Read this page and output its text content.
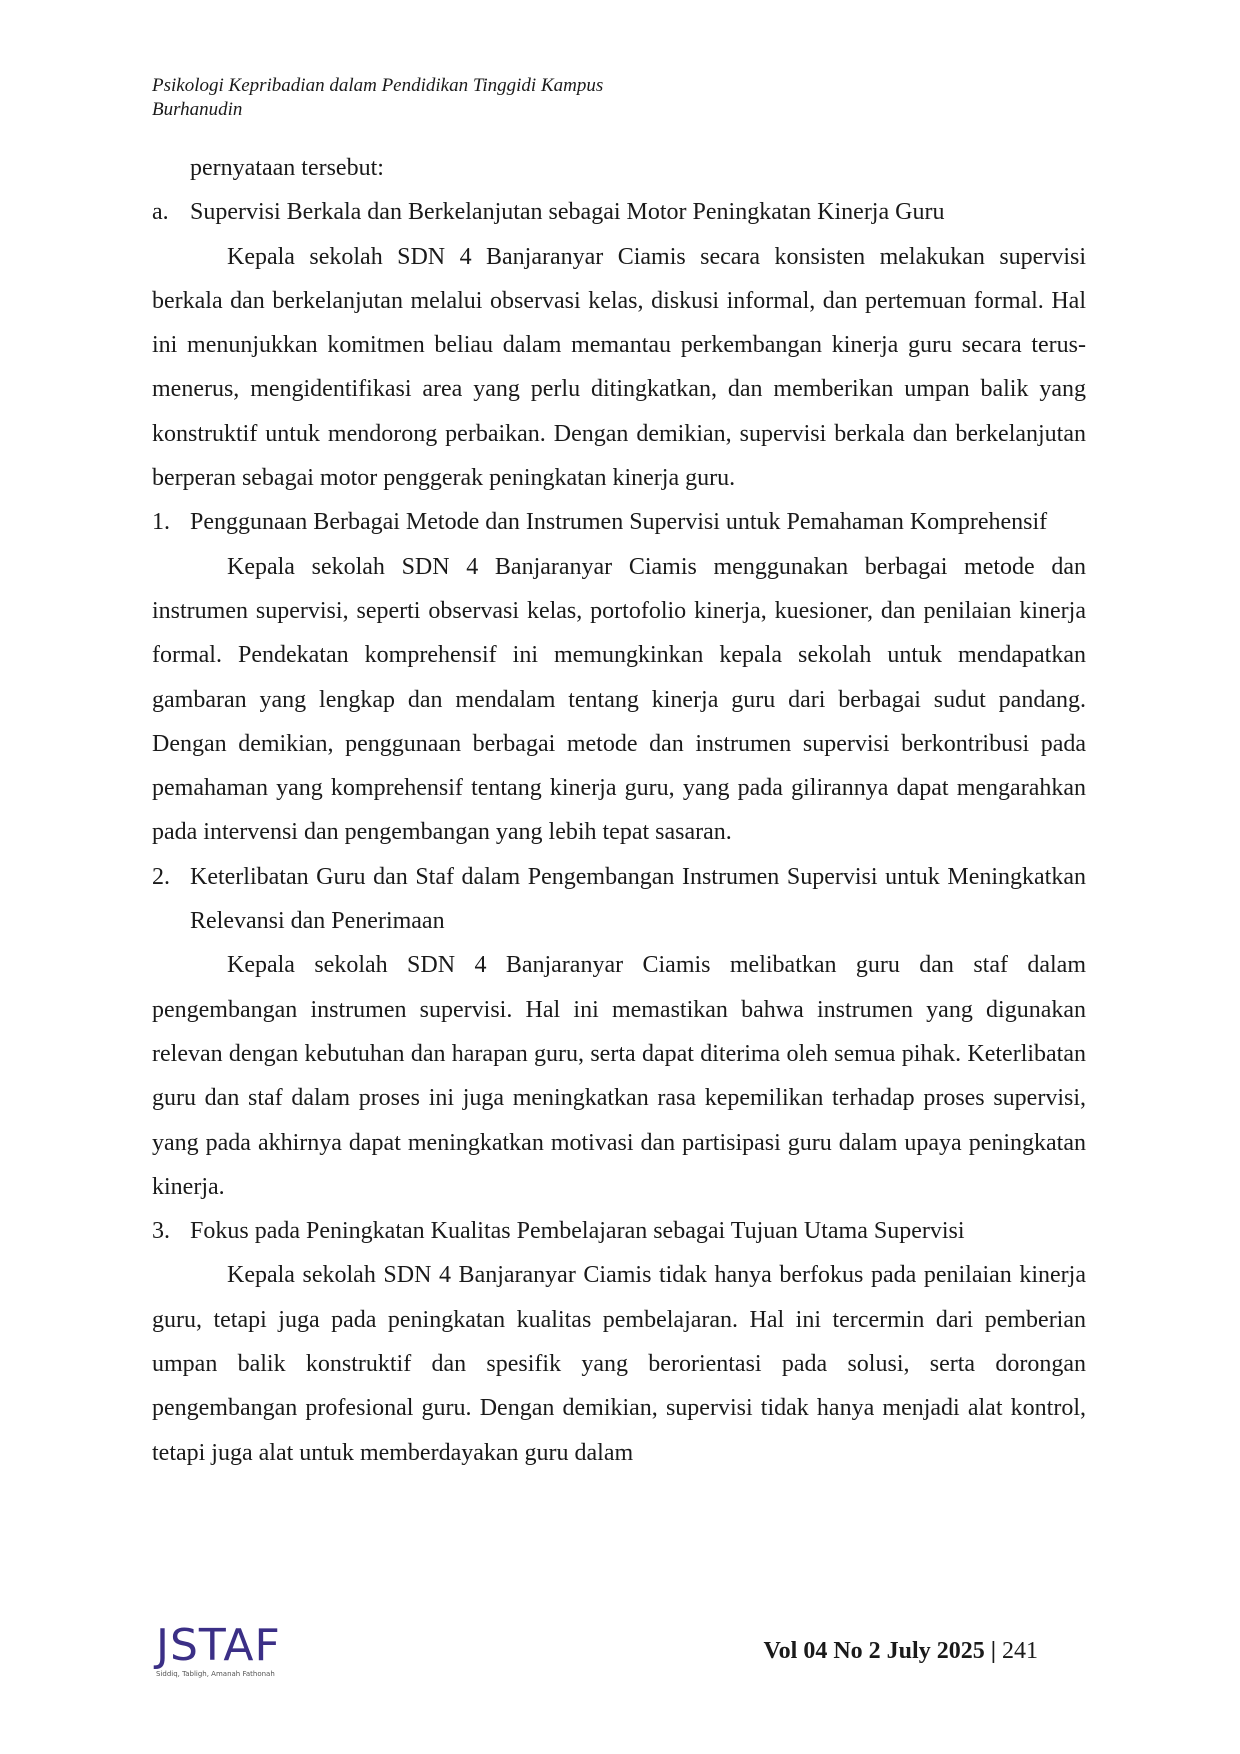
Psikologi Kepribadian dalam Pendidikan Tinggidi Kampus
Burhanudin

pernyataan tersebut:

a. Supervisi Berkala dan Berkelanjutan sebagai Motor Peningkatan Kinerja Guru

Kepala sekolah SDN 4 Banjaranyar Ciamis secara konsisten melakukan supervisi berkala dan berkelanjutan melalui observasi kelas, diskusi informal, dan pertemuan formal. Hal ini menunjukkan komitmen beliau dalam memantau perkembangan kinerja guru secara terus-menerus, mengidentifikasi area yang perlu ditingkatkan, dan memberikan umpan balik yang konstruktif untuk mendorong perbaikan. Dengan demikian, supervisi berkala dan berkelanjutan berperan sebagai motor penggerak peningkatan kinerja guru.

1. Penggunaan Berbagai Metode dan Instrumen Supervisi untuk Pemahaman Komprehensif

Kepala sekolah SDN 4 Banjaranyar Ciamis menggunakan berbagai metode dan instrumen supervisi, seperti observasi kelas, portofolio kinerja, kuesioner, dan penilaian kinerja formal. Pendekatan komprehensif ini memungkinkan kepala sekolah untuk mendapatkan gambaran yang lengkap dan mendalam tentang kinerja guru dari berbagai sudut pandang. Dengan demikian, penggunaan berbagai metode dan instrumen supervisi berkontribusi pada pemahaman yang komprehensif tentang kinerja guru, yang pada gilirannya dapat mengarahkan pada intervensi dan pengembangan yang lebih tepat sasaran.

2. Keterlibatan Guru dan Staf dalam Pengembangan Instrumen Supervisi untuk Meningkatkan Relevansi dan Penerimaan

Kepala sekolah SDN 4 Banjaranyar Ciamis melibatkan guru dan staf dalam pengembangan instrumen supervisi. Hal ini memastikan bahwa instrumen yang digunakan relevan dengan kebutuhan dan harapan guru, serta dapat diterima oleh semua pihak. Keterlibatan guru dan staf dalam proses ini juga meningkatkan rasa kepemilikan terhadap proses supervisi, yang pada akhirnya dapat meningkatkan motivasi dan partisipasi guru dalam upaya peningkatan kinerja.

3. Fokus pada Peningkatan Kualitas Pembelajaran sebagai Tujuan Utama Supervisi

Kepala sekolah SDN 4 Banjaranyar Ciamis tidak hanya berfokus pada penilaian kinerja guru, tetapi juga pada peningkatan kualitas pembelajaran. Hal ini tercermin dari pemberian umpan balik konstruktif dan spesifik yang berorientasi pada solusi, serta dorongan pengembangan profesional guru. Dengan demikian, supervisi tidak hanya menjadi alat kontrol, tetapi juga alat untuk memberdayakan guru dalam

JSTAF
Siddiq, Tabligh, Amanah Fathonah
Vol 04 No 2 July 2025 | 241
